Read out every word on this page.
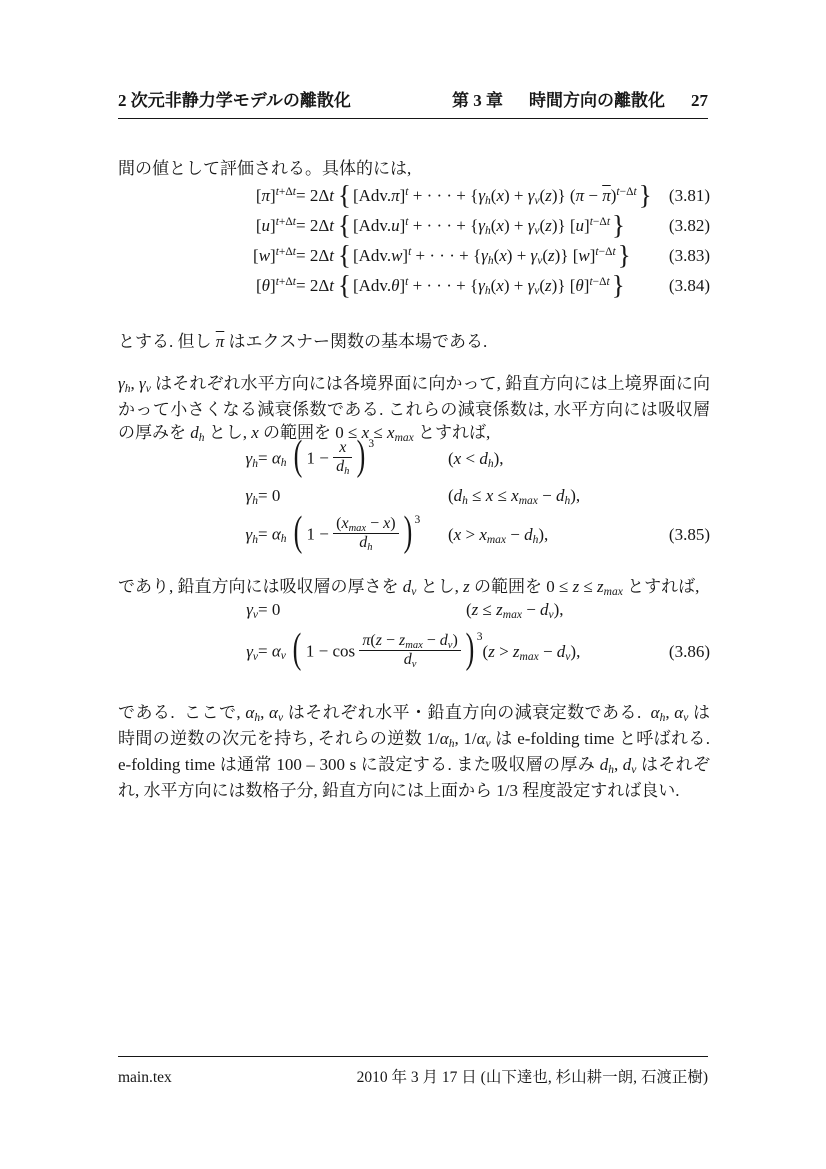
2 次元非静力学モデルの離散化	第 3 章 時間方向の離散化 27

間の値として評価される。具体的には,

$[\pi]^{t+\Delta t} = 2\Delta t$ { $[Adv.\pi]^t$ + · · · + $\{\gamma_h(x) + \gamma_v(z)\} (\pi - \overline{\pi})^{t-\Delta t}$} (3.81)
$[u]^{t+\Delta t} = 2\Delta t$ { $[Adv.u]^t$ + · · · + $\{\gamma_h(x) + \gamma_v(z)\}$ $[u]^{t-\Delta t}$}	(3.82)
$[w]^{t+\Delta t} = 2\Delta t$ { $[Adv.w]^t$ + · · · + $\{\gamma_h(x) + \gamma_v(z)\}$ $[w]^{t-\Delta t}$} (3.83)
$[\theta]^{t+\Delta t} = 2\Delta t$ { $[Adv.\theta]^t$ + · · · + $\{\gamma_h(x) + \gamma_v(z)\}$ $[\theta]^{t-\Delta t}$}	(3.84)

とする. 但し $\overline{\pi}$ はエクスナー関数の基本場である.

$\gamma_h$, $\gamma_v$ はそれぞれ水平方向には各境界面に向かって, 鉛直方向には上境界面に向かって小さくなる減衰係数である. これらの減衰係数は, 水平方向には吸収層の厚みを $d_h$ とし, x の範囲を $0 \le x \le x_{max}$ とすれば,

$\gamma_h = \alpha_h$ ( $1 - \frac{x}{dh}$ ) $^3$
$(x < d_h)$,
$\gamma_h = 0$	$(d_h \le x \le x_{max} - d_h)$,
$\gamma_h = \alpha_h$ ( $1 - \frac{(xmax - x)}{dh}$ ) $^3$
$(x > x_{max} - d_h)$,	(3.85)

であり, 鉛直方向には吸収層の厚さを $d_v$ とし, z の範囲を $0 \le z \le z_{max}$ とすれば,

$\gamma_v = 0$	$(z \le z_{max} - d_v)$,
$\gamma_v = \alpha_v$ ( $1 - \cos \frac{\pi(z - zmax - dv)}{dv}$ ) $^3$
$(z > z_{max} - d_v)$,	(3.86)

である.  ここで, $\alpha_h$, $\alpha_v$ はそれぞれ水平・鉛直方向の減衰定数である.  $\alpha_h$, $\alpha_v$ は時間の逆数の次元を持ち, それらの逆数 $1/\alpha_h$, $1/\alpha_v$ は e-folding time と呼ばれる. e-folding time は通常 100 – 300 s に設定する. また吸収層の厚み $d_h$, $d_v$ はそれぞれ, 水平方向には数格子分, 鉛直方向には上面から 1/3 程度設定すれば良い.

main.tex	2010 年 3 月 17 日 (山下達也, 杉山耕一朗, 石渡正樹)
